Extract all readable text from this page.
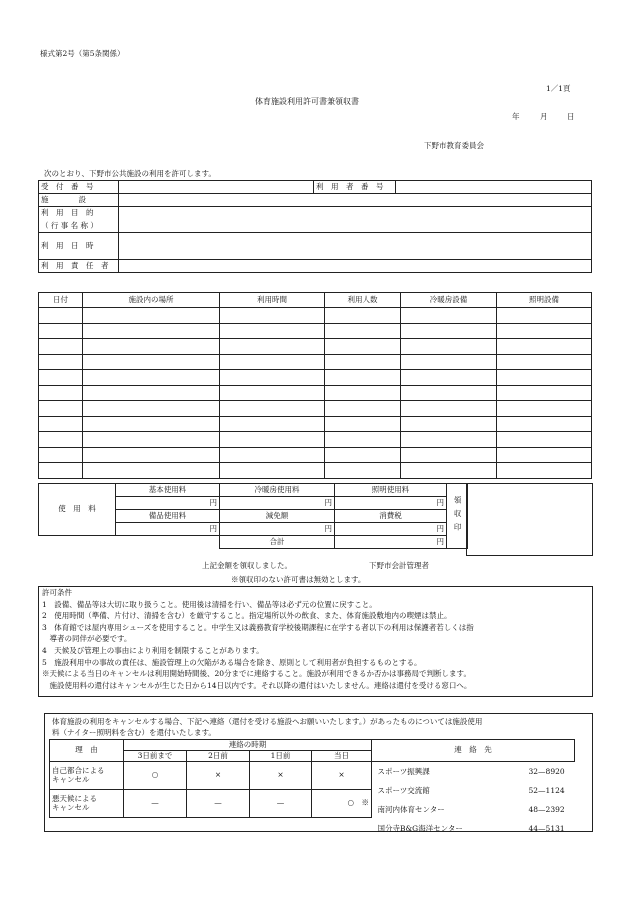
様式第2号（第5条関係）
1／1頁
体育施設利用許可書兼領収書
年	月	日
下野市教育委員会
次のとおり、下野市公共施設の利用を許可します。
受　付　番　号		利　用　者　番　号	
施　　　　設			
利　用　目　的			
（ 行 事 名 称 ）			
利　用　日　時			
利　用　責　任　者			
日付	施設内の場所	利用時間	利用人数	冷暖房設備	照明設備

使　用　料	基本使用料	冷暖房使用料	照明使用料	領収印

	円	円	円	
	備品使用料	減免額	消費税	
	円	円	円	
		合計	円	
上記金額を領収しました。	下野市会計管理者
※領収印のない許可書は無効とします。
許可条件
1　設備、備品等は大切に取り扱うこと。使用後は清掃を行い、備品等は必ず元の位置に戻すこと。
2　使用時間（準備、片付け、清掃を含む）を厳守すること。指定場所以外の飲食、また、体育施設敷地内の喫煙は禁止。
3　体育館では屋内専用シューズを使用すること。中学生又は義務教育学校後期課程に在学する者以下の利用は保護者若しくは指
　導者の同伴が必要です。
4　天候及び管理上の事由により利用を制限することがあります。
5　施設利用中の事故の責任は、施設管理上の欠陥がある場合を除き、原則として利用者が負担するものとする。
※天候による当日のキャンセルは利用開始時間後、20分までに連絡すること。施設が利用できるか否かは事務局で判断します。
　施設使用料の還付はキャンセルが生じた日から14日以内です。それ以降の還付はいたしません。連絡は還付を受ける窓口へ。
体育施設の利用をキャンセルする場合、下記へ連絡（還付を受ける施設へお願いいたします。）があったものについては施設使用
料（ナイター照明料を含む）を還付いたします。
理　由	連絡の時期			
	3日前まで	2日前	1日前	当日

自己都合による
キャンセル	○	×	×	×

悪天候による
キャンセル	—	—	—	○　※
連　絡　先

スポーツ振興課	32—8920
スポーツ交流館	52—1124
南河内体育センター	48—2392
国分寺B&G海洋センター	44—5131
